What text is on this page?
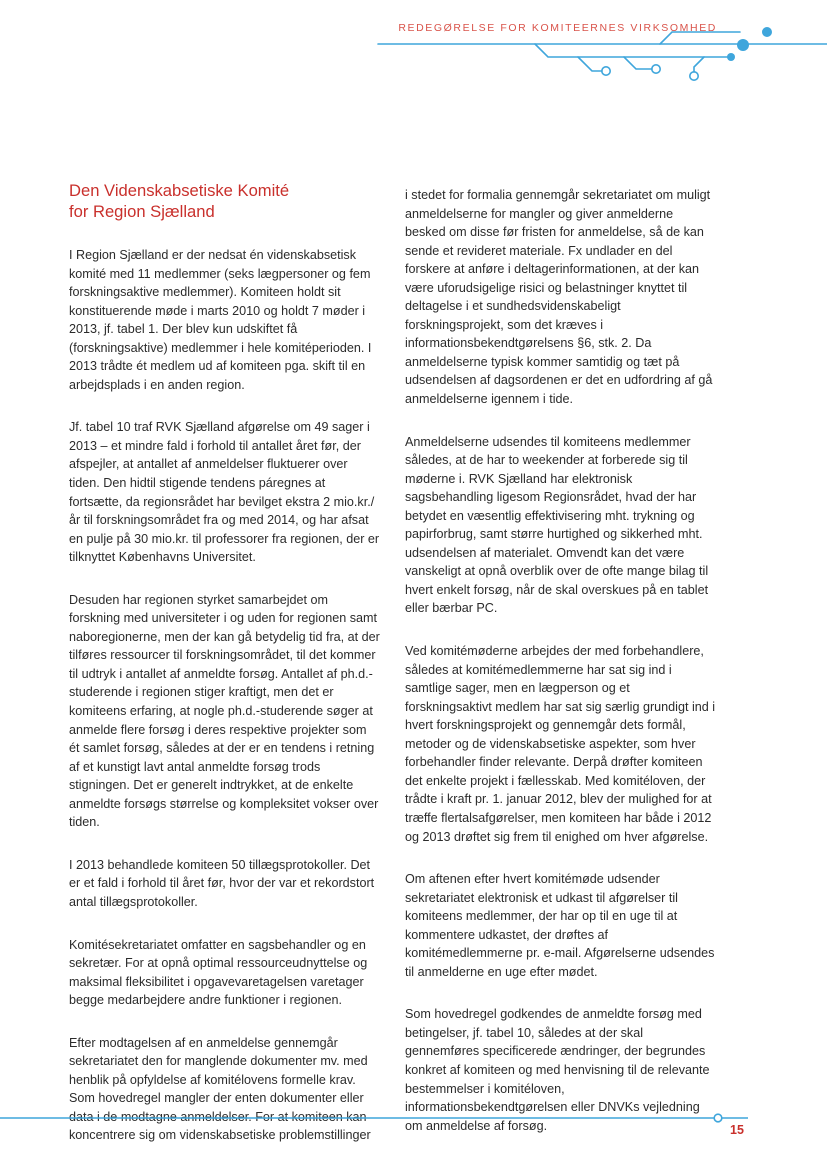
REDEGØRELSE FOR KOMITEERNES VIRKSOMHED
Den Videnskabsetiske Komité
for Region Sjælland

I Region Sjælland er der nedsat én videnskabsetisk komité med 11 medlemmer (seks lægpersoner og fem forskningsaktive medlemmer). Komiteen holdt sit konstituerende møde i marts 2010 og holdt 7 møder i 2013, jf. tabel 1. Der blev kun udskiftet få (forskningsaktive) medlemmer i hele komitéperioden. I 2013 trådte ét medlem ud af komiteen pga. skift til en arbejdsplads i en anden region.

Jf. tabel 10 traf RVK Sjælland afgørelse om 49 sager i 2013 – et mindre fald i forhold til antallet året før, der afspejler, at antallet af anmeldelser fluktuerer over tiden. Den hidtil stigende tendens páregnes at fortsætte, da regionsrådet har bevilget ekstra 2 mio.kr./år til forskningsområdet fra og med 2014, og har afsat en pulje på 30 mio.kr. til professorer fra regionen, der er tilknyttet Københavns Universitet.

Desuden har regionen styrket samarbejdet om forskning med universiteter i og uden for regionen samt naboregionerne, men der kan gå betydelig tid fra, at der tilføres ressourcer til forskningsområdet, til det kommer til udtryk i antallet af anmeldte forsøg. Antallet af ph.d.-studerende i regionen stiger kraftigt, men det er komiteens erfaring, at nogle ph.d.-studerende søger at anmelde flere forsøg i deres respektive projekter som ét samlet forsøg, således at der er en tendens i retning af et kunstigt lavt antal anmeldte forsøg trods stigningen. Det er generelt indtrykket, at de enkelte anmeldte forsøgs størrelse og kompleksitet vokser over tiden.

I 2013 behandlede komiteen 50 tillægsprotokoller. Det er et fald i forhold til året før, hvor der var et rekordstort antal tillægsprotokoller.

Komitésekretariatet omfatter en sagsbehandler og en sekretær. For at opnå optimal ressourceudnyttelse og maksimal fleksibilitet i opgavevaretagelsen varetager begge medarbejdere andre funktioner i regionen.

Efter modtagelsen af en anmeldelse gennemgår sekretariatet den for manglende dokumenter mv. med henblik på opfyldelse af komitélovens formelle krav. Som hovedregel mangler der enten dokumenter eller data i de modtagne anmeldelser. For at komiteen kan koncentrere sig om videnskabsetiske problemstillinger

i stedet for formalia gennemgår sekretariatet om muligt anmeldelserne for mangler og giver anmelderne besked om disse før fristen for anmeldelse, så de kan sende et revideret materiale. Fx undlader en del forskere at anføre i deltagerinformationen, at der kan være uforudsigelige risici og belastninger knyttet til deltagelse i et sundhedsvidenskabeligt forskningsprojekt, som det kræves i informationsbekendtgørelsens §6, stk. 2. Da anmeldelserne typisk kommer samtidig og tæt på udsendelsen af dagsordenen er det en udfordring af gå anmeldelserne igennem i tide.

Anmeldelserne udsendes til komiteens medlemmer således, at de har to weekender at forberede sig til møderne i. RVK Sjælland har elektronisk sagsbehandling ligesom Regionsrådet, hvad der har betydet en væsentlig effektivisering mht. trykning og papirforbrug, samt større hurtighed og sikkerhed mht. udsendelsen af materialet. Omvendt kan det være vanskeligt at opnå overblik over de ofte mange bilag til hvert enkelt forsøg, når de skal overskues på en tablet eller bærbar PC.

Ved komitémøderne arbejdes der med forbehandlere, således at komitémedlemmerne har sat sig ind i samtlige sager, men en lægperson og et forskningsaktivt medlem har sat sig særlig grundigt ind i hvert forskningsprojekt og gennemgår dets formål, metoder og de videnskabsetiske aspekter, som hver forbehandler finder relevante. Derpå drøfter komiteen det enkelte projekt i fællesskab. Med komitéloven, der trådte i kraft pr. 1. januar 2012, blev der mulighed for at træffe flertalsafgørelser, men komiteen har både i 2012 og 2013 drøftet sig frem til enighed om hver afgørelse.

Om aftenen efter hvert komitémøde udsender sekretariatet elektronisk et udkast til afgørelser til komiteens medlemmer, der har op til en uge til at kommentere udkastet, der drøftes af komitémedlemmerne pr. e-mail. Afgørelserne udsendes til anmelderne en uge efter mødet.

Som hovedregel godkendes de anmeldte forsøg med betingelser, jf. tabel 10, således at der skal gennemføres specificerede ændringer, der begrundes konkret af komiteen og med henvisning til de relevante bestemmelser i komitéloven, informationsbekendtgørelsen eller DNVKs vejledning om anmeldelse af forsøg.	15
